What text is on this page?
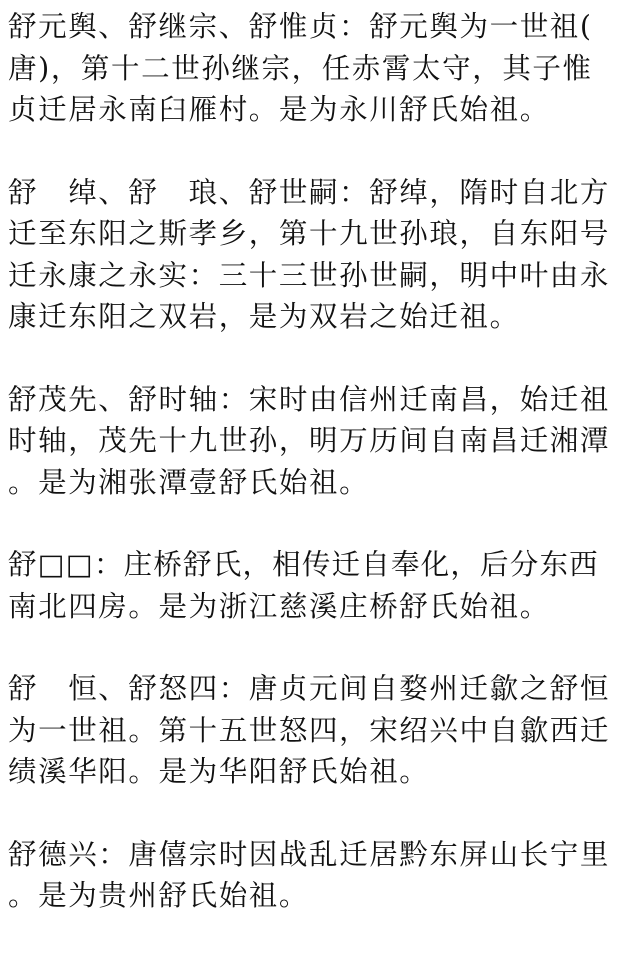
舒元舆、舒继宗、舒惟贞：舒元舆为一世祖(
唐)，第十二世孙继宗，任赤霄太守，其子惟
贞迁居永南臼雁村。是为永川舒氏始祖。
舒　绰、舒　琅、舒世嗣：舒绰，隋时自北方
迁至东阳之斯孝乡，第十九世孙琅，自东阳号
迁永康之永实：三十三世孙世嗣，明中叶由永
康迁东阳之双岩，是为双岩之始迁祖。
舒茂先、舒时轴：宋时由信州迁南昌，始迁祖
时轴，茂先十九世孙，明万历间自南昌迁湘潭
。是为湘张潭壹舒氏始祖。
舒□□：庄桥舒氏，相传迁自奉化，后分东西
南北四房。是为浙江慈溪庄桥舒氏始祖。
舒　恒、舒怒四：唐贞元间自婺州迁歙之舒恒
为一世祖。第十五世怒四，宋绍兴中自歙西迁
绩溪华阳。是为华阳舒氏始祖。
舒德兴：唐僖宗时因战乱迁居黔东屏山长宁里
。是为贵州舒氏始祖。
